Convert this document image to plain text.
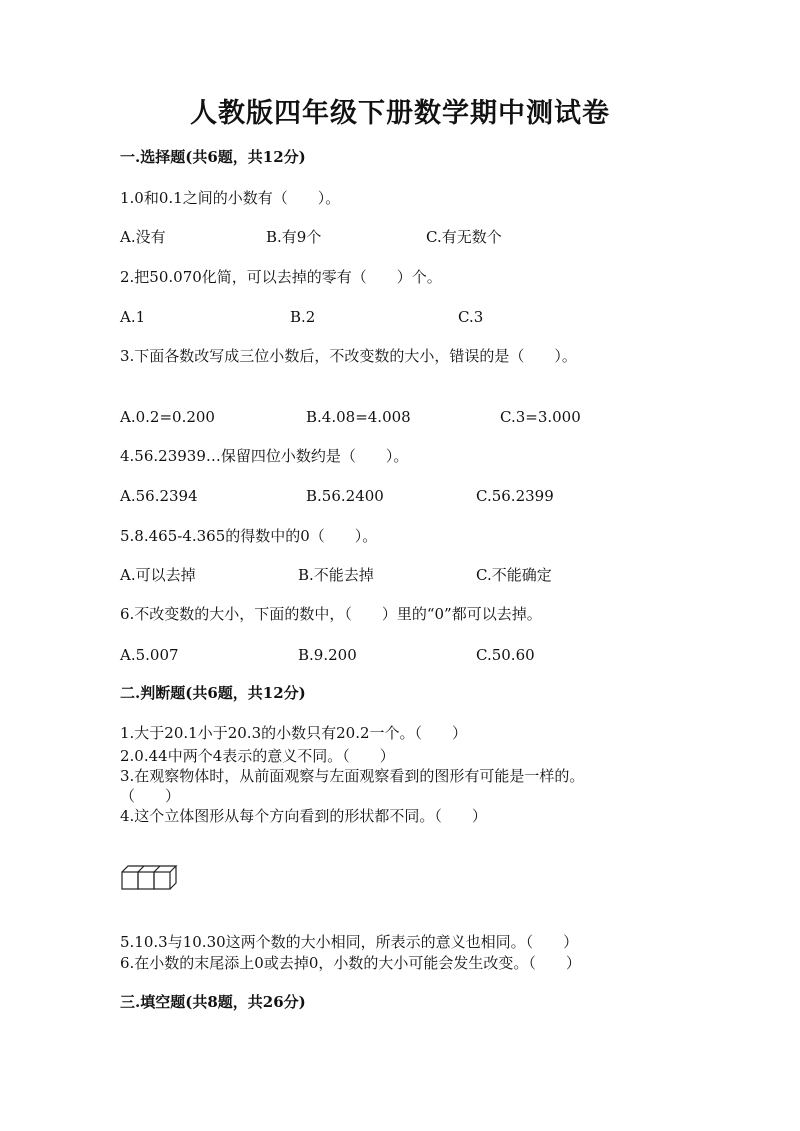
人教版四年级下册数学期中测试卷
一.选择题(共6题，共12分)
1.0和0.1之间的小数有（　　）。
A.没有	B.有9个	C.有无数个
2.把50.070化简，可以去掉的零有（　　）个。
A.1	B.2	C.3
3.下面各数改写成三位小数后，不改变数的大小，错误的是（　　）。
A.0.2=0.200	B.4.08=4.008	C.3=3.000
4.56.23939…保留四位小数约是（　　）。
A.56.2394	B.56.2400	C.56.2399
5.8.465-4.365的得数中的0（　　）。
A.可以去掉	B.不能去掉	C.不能确定
6.不改变数的大小，下面的数中，（　　）里的“0”都可以去掉。
A.5.007	B.9.200	C.50.60
二.判断题(共6题，共12分)
1.大于20.1小于20.3的小数只有20.2一个。（　　）
2.0.44中两个4表示的意义不同。（　　）
3.在观察物体时，从前面观察与左面观察看到的图形有可能是一样的。
（　　）
4.这个立体图形从每个方向看到的形状都不同。（　　）
5.10.3与10.30这两个数的大小相同，所表示的意义也相同。（　　）
6.在小数的末尾添上0或去掉0，小数的大小可能会发生改变。（　　）
三.填空题(共8题，共26分)
